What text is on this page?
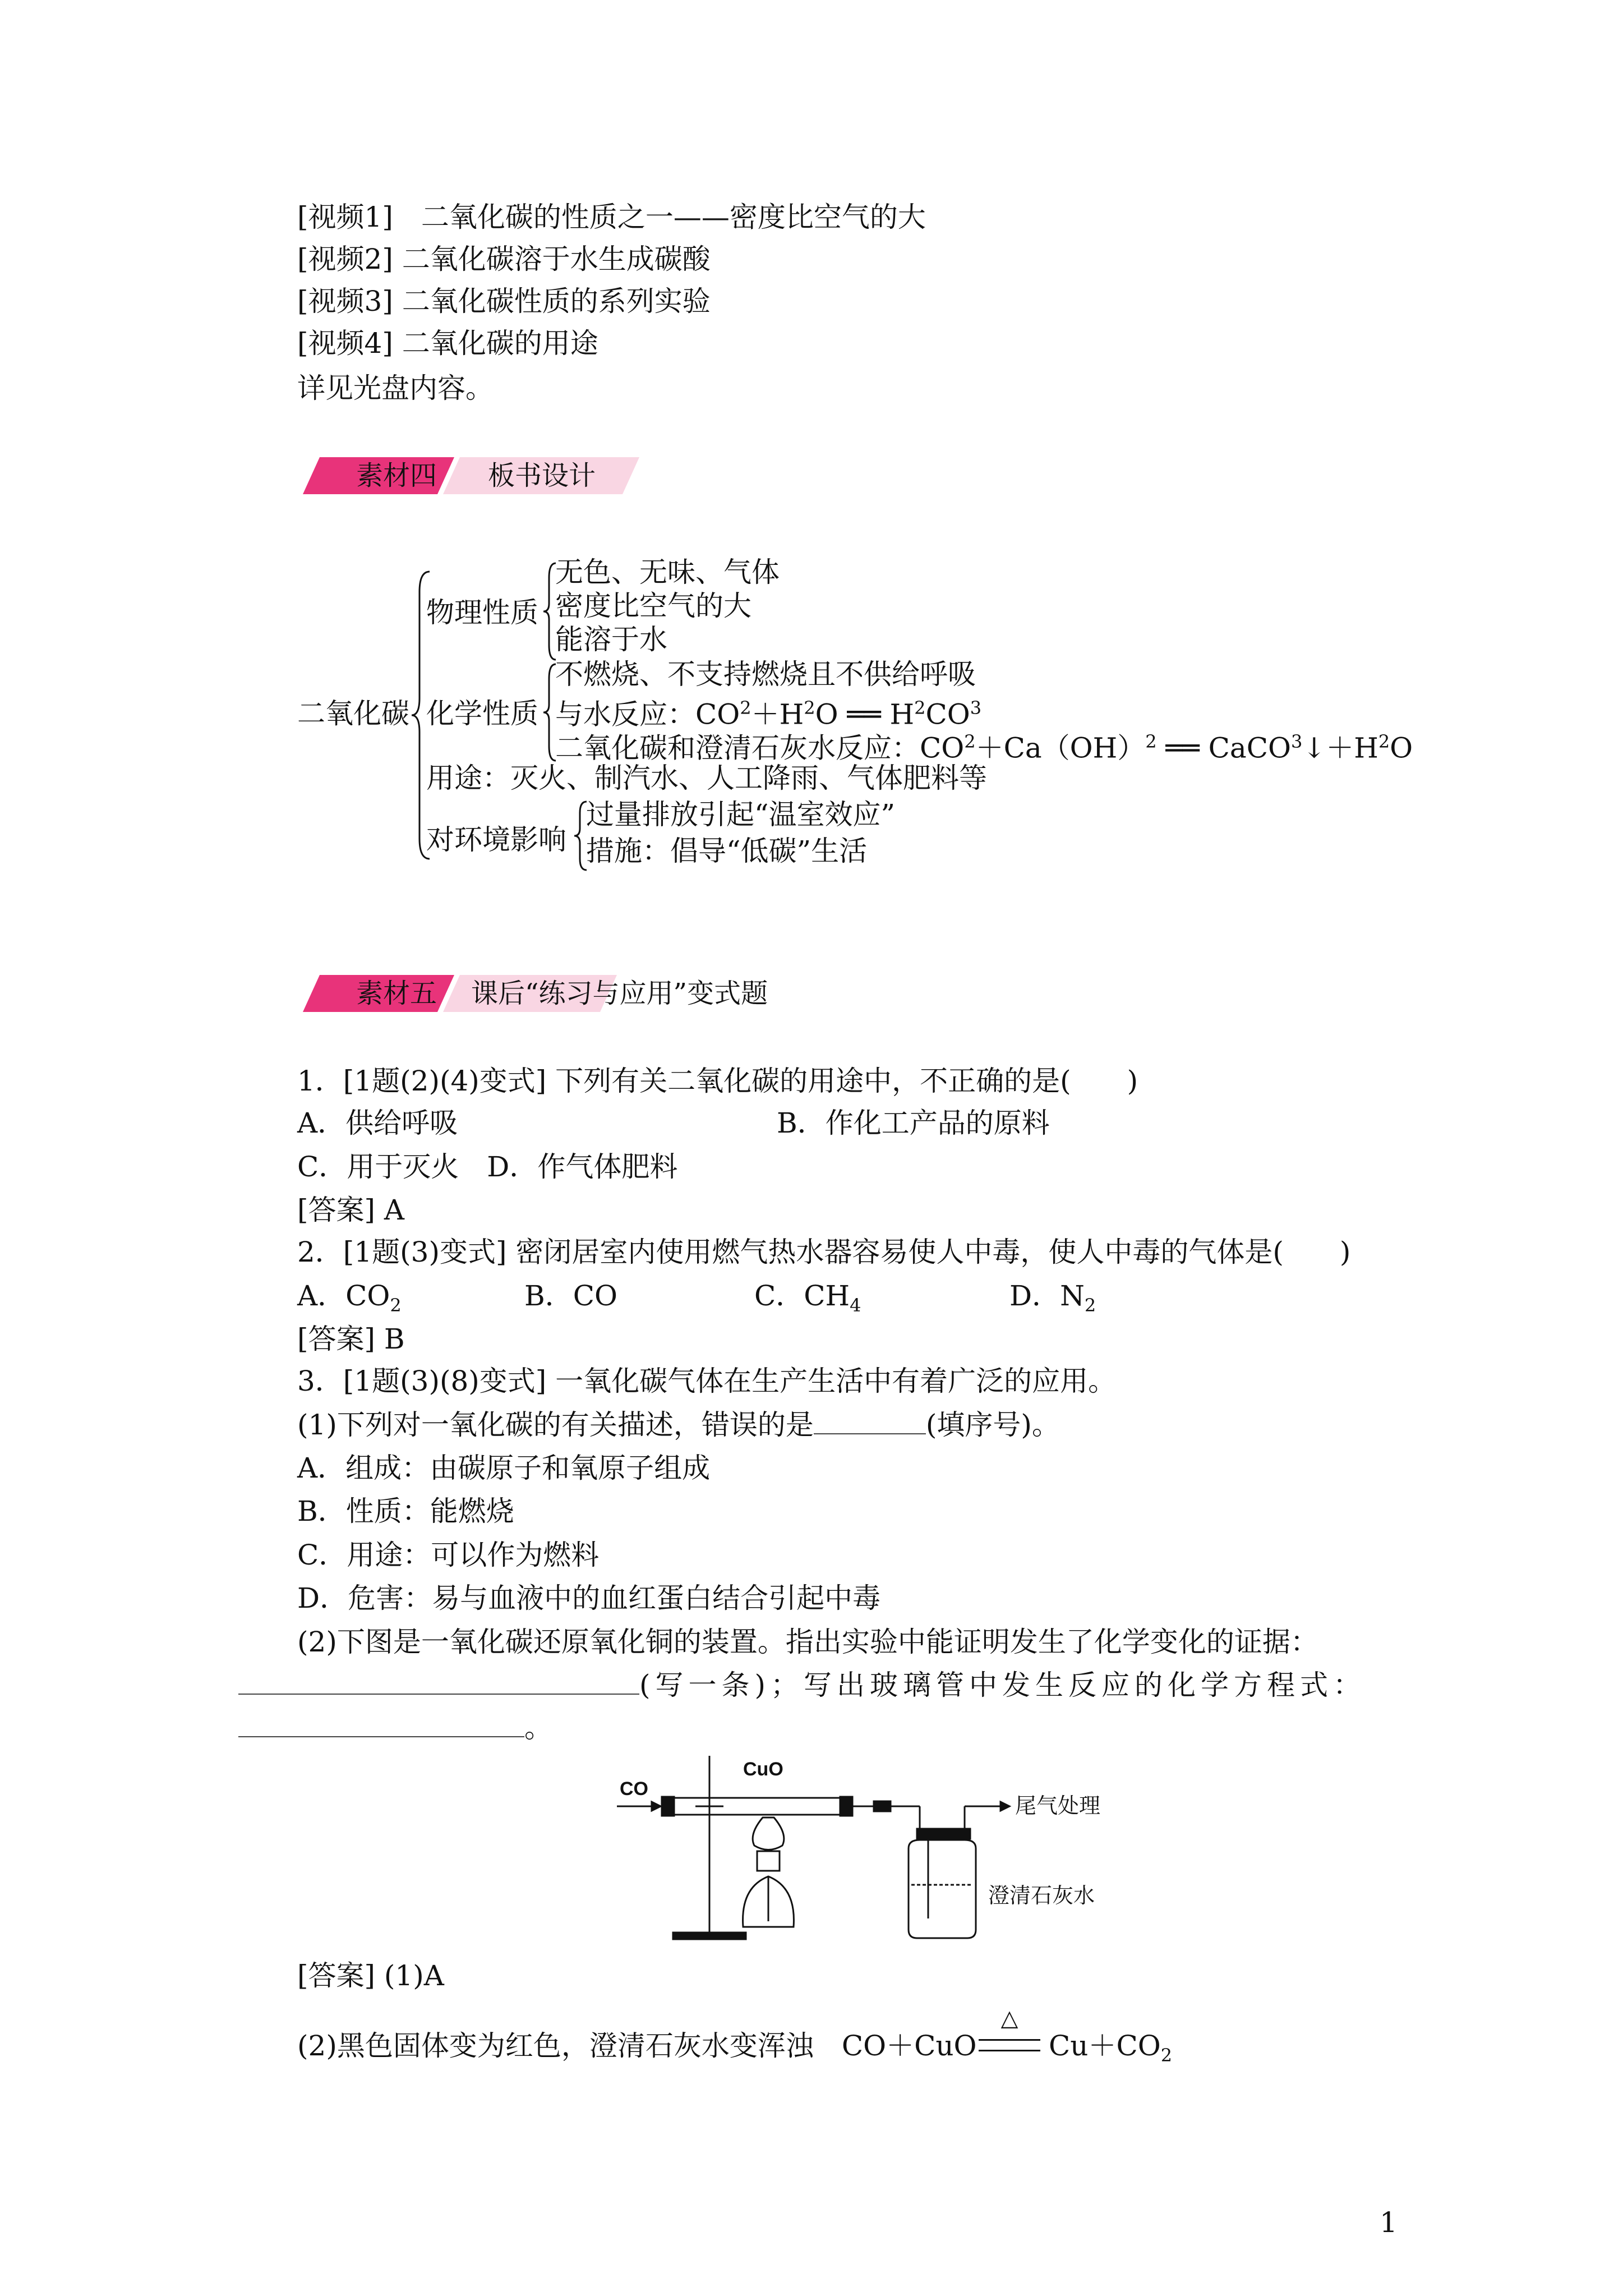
[视频1]　二氧化碳的性质之一——密度比空气的大
[视频2] 二氧化碳溶于水生成碳酸
[视频3] 二氧化碳性质的系列实验
[视频4] 二氧化碳的用途
详见光盘内容。
素材四 板书设计
二氧化碳
物理性质
无色、无味、气体
密度比空气的大
能溶于水
化学性质
不燃烧、不支持燃烧且不供给呼吸
与水反应：$CO^2+H^2O$ ══ $H^2CO^3$
二氧化碳和澄清石灰水反应：$CO^2+Ca(OH)^2$ ══ $CaCO^3↓+H^2O$
用途：灭火、制汽水、人工降雨、气体肥料等
对环境影响
过量排放引起“温室效应”
措施：倡导“低碳”生活
素材五 课后“练习与应用”变式题
1．[1题(2)(4)变式] 下列有关二氧化碳的用途中，不正确的是(　　)
A．供给呼吸	B．作化工产品的原料
C．用于灭火　D．作气体肥料
[答案] A
2．[1题(3)变式] 密闭居室内使用燃气热水器容易使人中毒，使人中毒的气体是(　　)
A．$CO_2$	B．CO	C．$CH_4$	D．$N_2$
[答案] B
3．[1题(3)(8)变式] 一氧化碳气体在生产生活中有着广泛的应用。
(1)下列对一氧化碳的有关描述，错误的是	(填序号)。
A．组成：由碳原子和氧原子组成
B．性质：能燃烧
C．用途：可以作为燃料
D．危害：易与血液中的血红蛋白结合引起中毒
(2)下图是一氧化碳还原氧化铜的装置。指出实验中能证明发生了化学变化的证据：
(写一条)；写出玻璃管中发生反应的化学方程式：
。
CO
CuO
尾气处理
澄清石灰水
[答案] (1)A
(2)黑色固体变为红色，澄清石灰水变浑浊　CO＋CuO
△
$Cu+CO_2$
1
